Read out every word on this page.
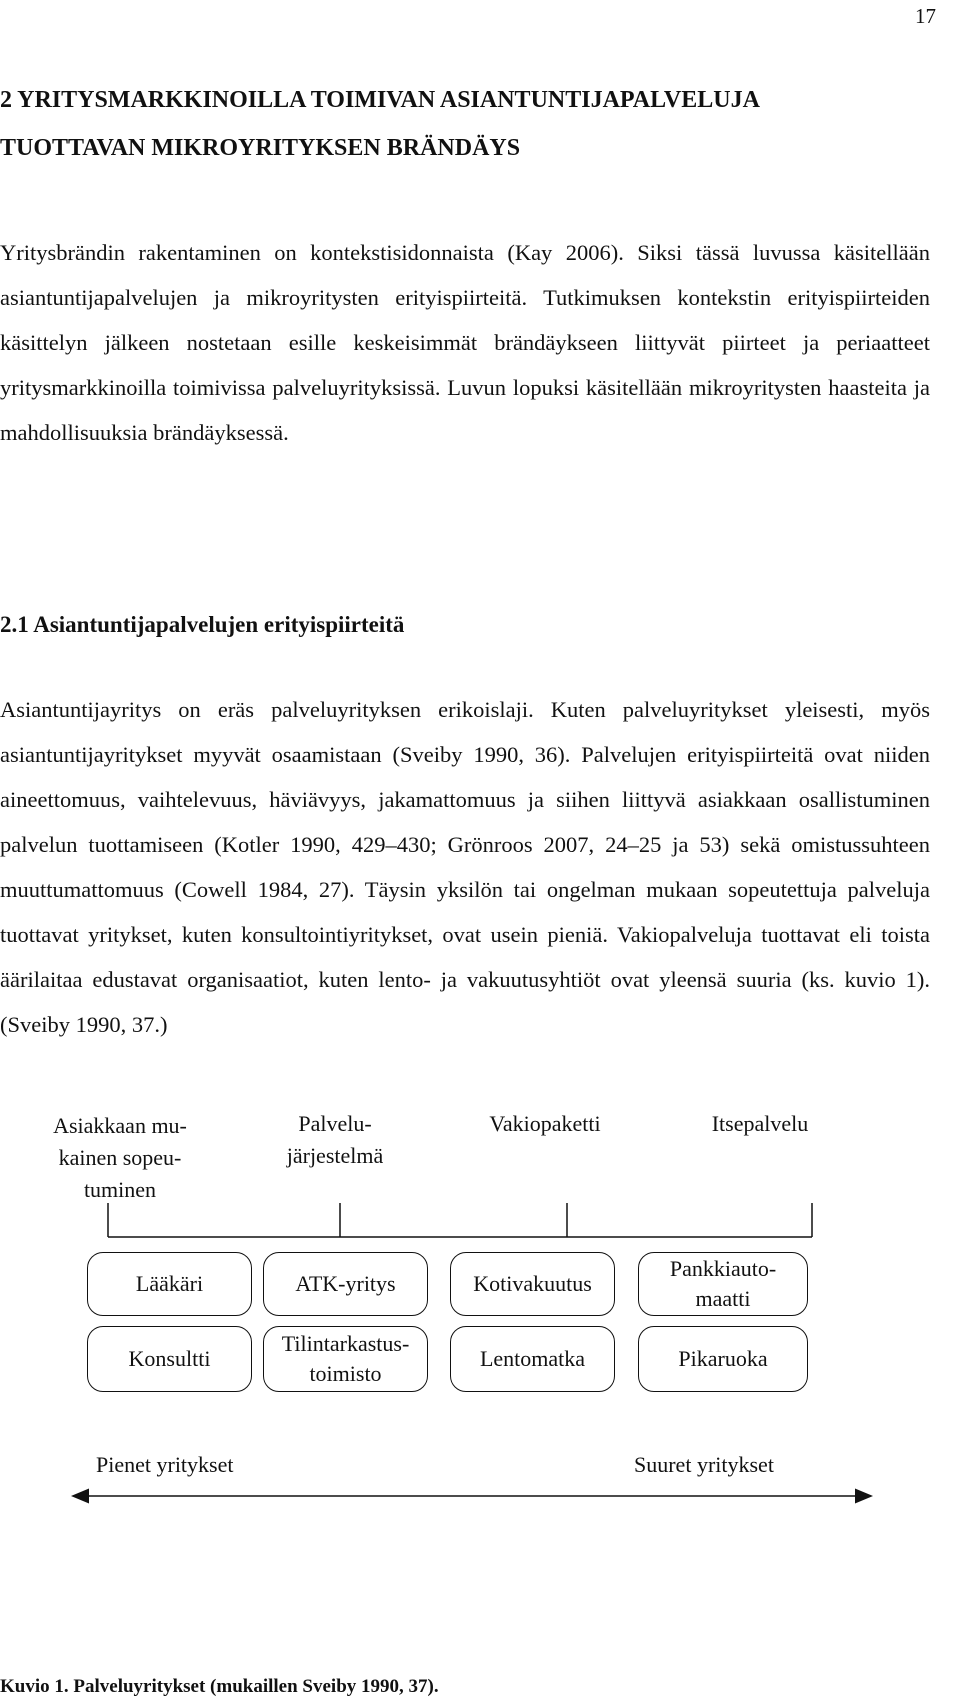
17
2 YRITYSMARKKINOILLA TOIMIVAN ASIANTUNTIJAPALVELUJA
TUOTTAVAN MIKROYRITYKSEN BRÄNDÄYS

Yritysbrändin rakentaminen on kontekstisidonnaista (Kay 2006). Siksi tässä luvussa käsitellään asiantuntijapalvelujen ja mikroyritysten erityispiirteitä. Tutkimuksen kontekstin erityispiirteiden käsittelyn jälkeen nostetaan esille keskeisimmät brändäykseen liittyvät piirteet ja periaatteet yritysmarkkinoilla toimivissa palveluyrityksissä. Luvun lopuksi käsitellään mikroyritysten haasteita ja mahdollisuuksia brändäyksessä.

2.1 Asiantuntijapalvelujen erityispiirteitä

Asiantuntijayritys on eräs palveluyrityksen erikoislaji. Kuten palveluyritykset yleisesti, myös asiantuntijayritykset myyvät osaamistaan (Sveiby 1990, 36). Palvelujen erityispiirteitä ovat niiden aineettomuus, vaihtelevuus, häviävyys, jakamattomuus ja siihen liittyvä asiakkaan osallistuminen palvelun tuottamiseen (Kotler 1990, 429–430; Grönroos 2007, 24–25 ja 53) sekä omistussuhteen muuttumattomuus (Cowell 1984, 27). Täysin yksilön tai ongelman mukaan sopeutettuja palveluja tuottavat yritykset, kuten konsultointiyritykset, ovat usein pieniä. Vakiopalveluja tuottavat eli toista äärilaitaa edustavat organisaatiot, kuten lento- ja vakuutusyhtiöt ovat yleensä suuria (ks. kuvio 1). (Sveiby 1990, 37.)

Asiakkaan mu-
kainen sopeu-
tuminen
Palvelu-
järjestelmä
Vakiopaketti	Itsepalvelu
Lääkäri	ATK-yritys	Kotivakuutus
Pankkiauto-
maatti
Konsultti
Tilintarkastus-
toimisto
Lentomatka	Pikaruoka
Pienet yritykset	Suuret yritykset

Kuvio 1. Palveluyritykset (mukaillen Sveiby 1990, 37).
